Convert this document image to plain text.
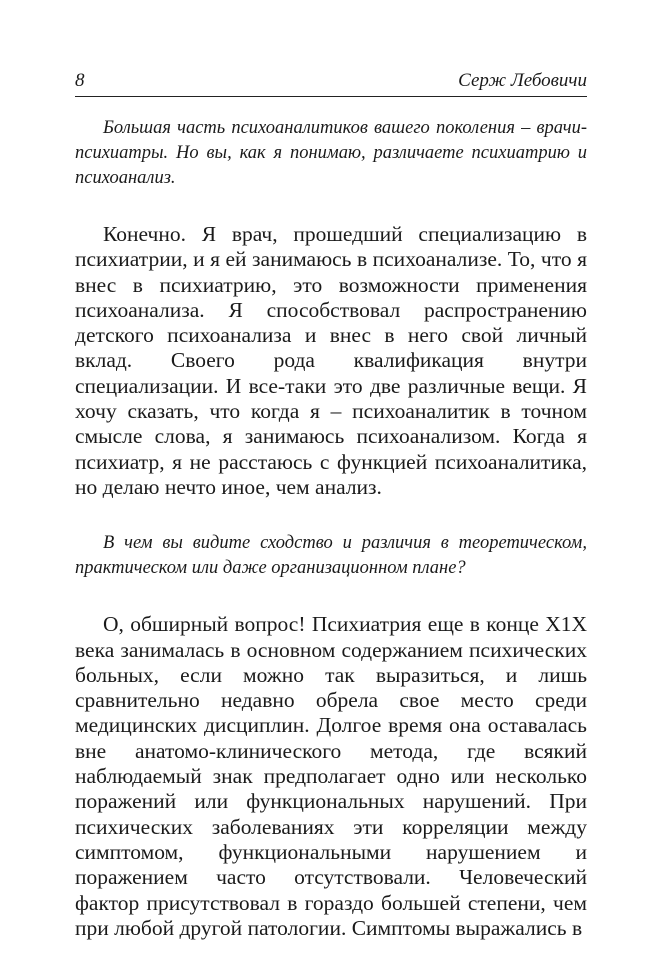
8	Серж Лебовичи

Большая часть психоаналитиков вашего поколения – врачи-психиатры. Но вы, как я понимаю, различаете психиатрию и психоанализ.

Конечно. Я врач, прошедший специализацию в психиатрии, и я ей занимаюсь в психоанализе. То, что я внес в психиатрию, это возможности применения психоанализа. Я способствовал распространению детского психоанализа и внес в него свой личный вклад. Своего рода квалификация внутри специализации. И все-таки это две различные вещи. Я хочу сказать, что когда я – психоаналитик в точном смысле слова, я занимаюсь психоанализом. Когда я психиатр, я не расстаюсь с функцией психоаналитика, но делаю нечто иное, чем анализ.

В чем вы видите сходство и различия в теоретическом, практическом или даже организационном плане?

О, обширный вопрос! Психиатрия еще в конце X1X века занималась в основном содержанием психических больных, если можно так выразиться, и лишь сравнительно недавно обрела свое место среди медицинских дисциплин. Долгое время она оставалась вне анатомо-клинического метода, где всякий наблюдаемый знак предполагает одно или несколько поражений или функциональных нарушений. При психических заболеваниях эти корреляции между симптомом, функциональными нарушением и поражением часто отсутствовали. Человеческий фактор присутствовал в гораздо большей степени, чем при любой другой патологии. Симптомы выражались в
